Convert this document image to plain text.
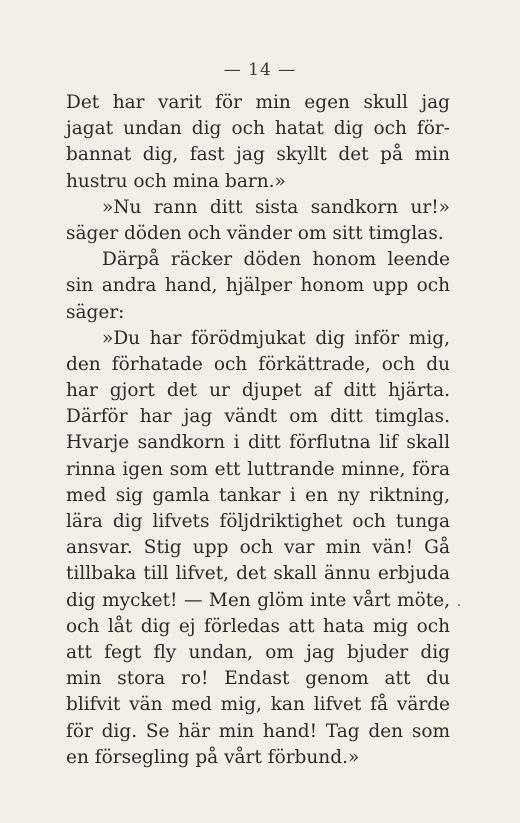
— 14 —
Det har varit för min egen skull jag
jagat undan dig och hatat dig och för-
bannat dig, fast jag skyllt det på min
hustru och mina barn.»
»Nu rann ditt sista sandkorn ur!»
säger döden och vänder om sitt timglas.
Därpå räcker döden honom leende
sin andra hand, hjälper honom upp och
säger:
»Du har förödmjukat dig inför mig,
den förhatade och förkättrade, och du
har gjort det ur djupet af ditt hjärta.
Därför har jag vändt om ditt timglas.
Hvarje sandkorn i ditt förflutna lif skall
rinna igen som ett luttrande minne, föra
med sig gamla tankar i en ny riktning,
lära dig lifvets följdriktighet och tunga
ansvar. Stig upp och var min vän! Gå
tillbaka till lifvet, det skall ännu erbjuda
dig mycket! — Men glöm inte vårt möte,
och låt dig ej förledas att hata mig och
att fegt fly undan, om jag bjuder dig
min stora ro! Endast genom att du
blifvit vän med mig, kan lifvet få värde
för dig. Se här min hand! Tag den som
en försegling på vårt förbund.»
